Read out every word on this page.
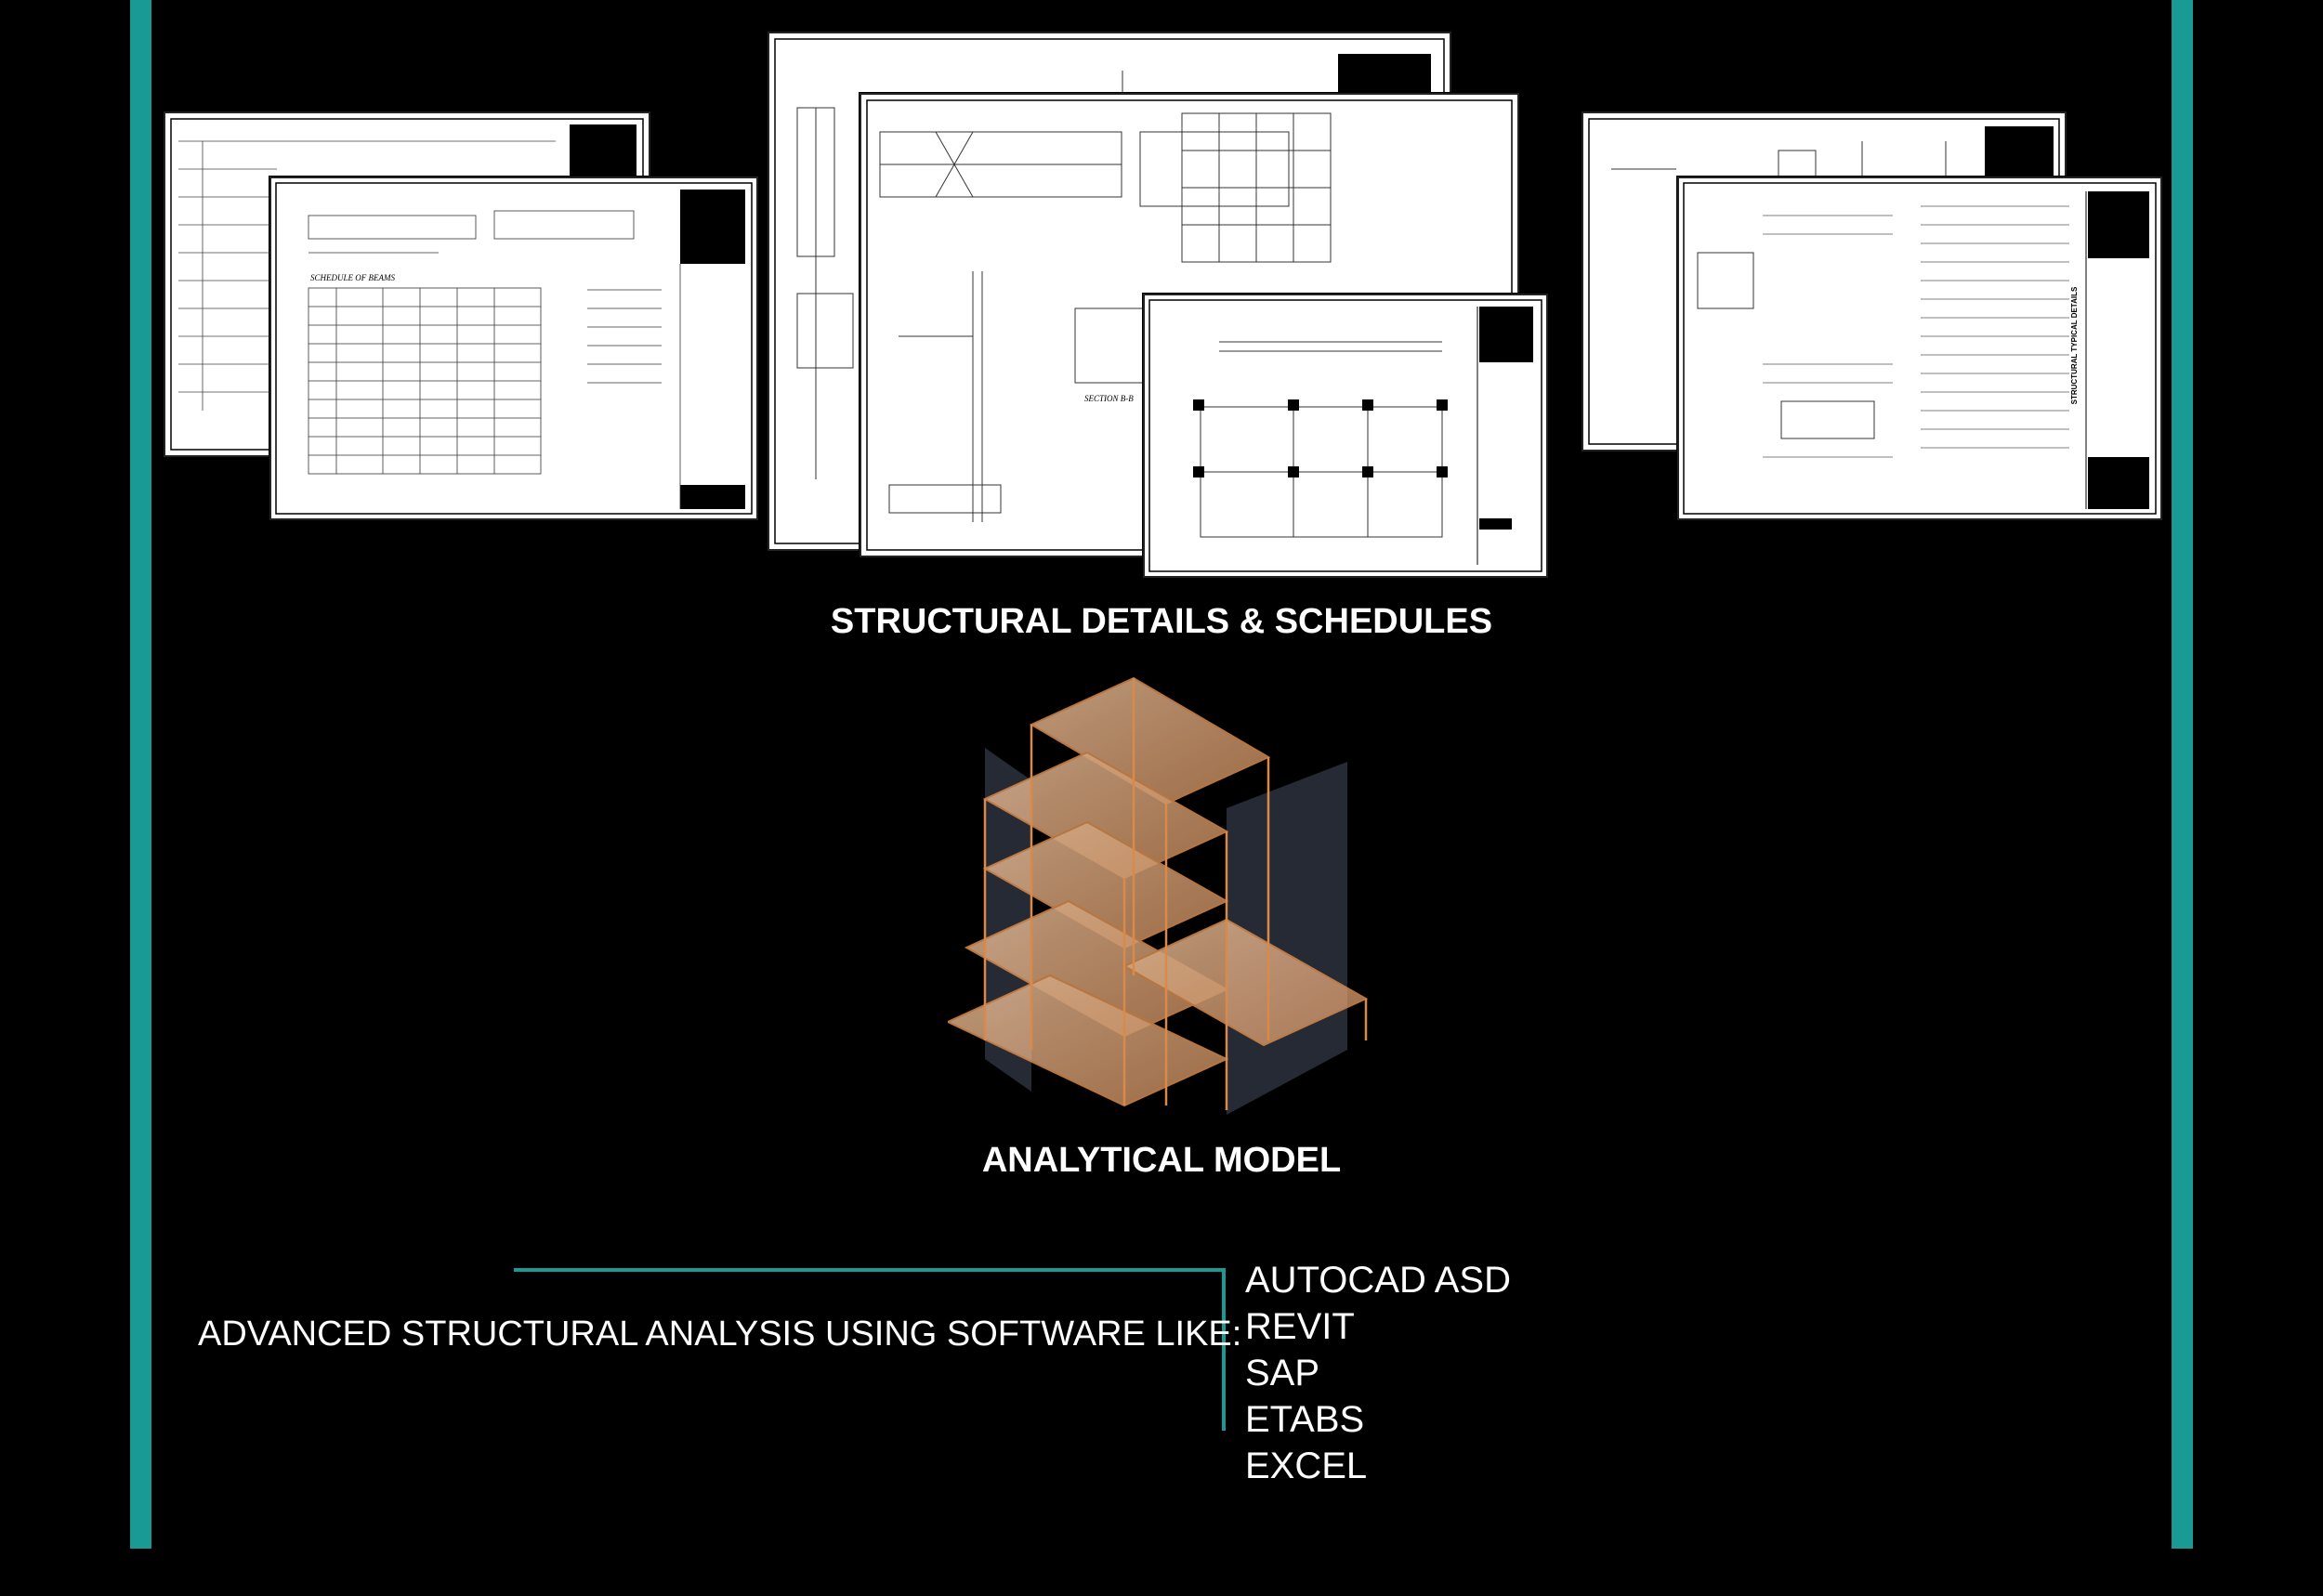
SCHEDULE OF BEAMS
SECTION B-B	STRUCTURAL TYPICAL DETAILS
STRUCTURAL DETAILS & SCHEDULES
ANALYTICAL MODEL
ADVANCED STRUCTURAL ANALYSIS USING SOFTWARE LIKE:
AUTOCAD ASD
REVIT
SAP
ETABS
EXCEL
